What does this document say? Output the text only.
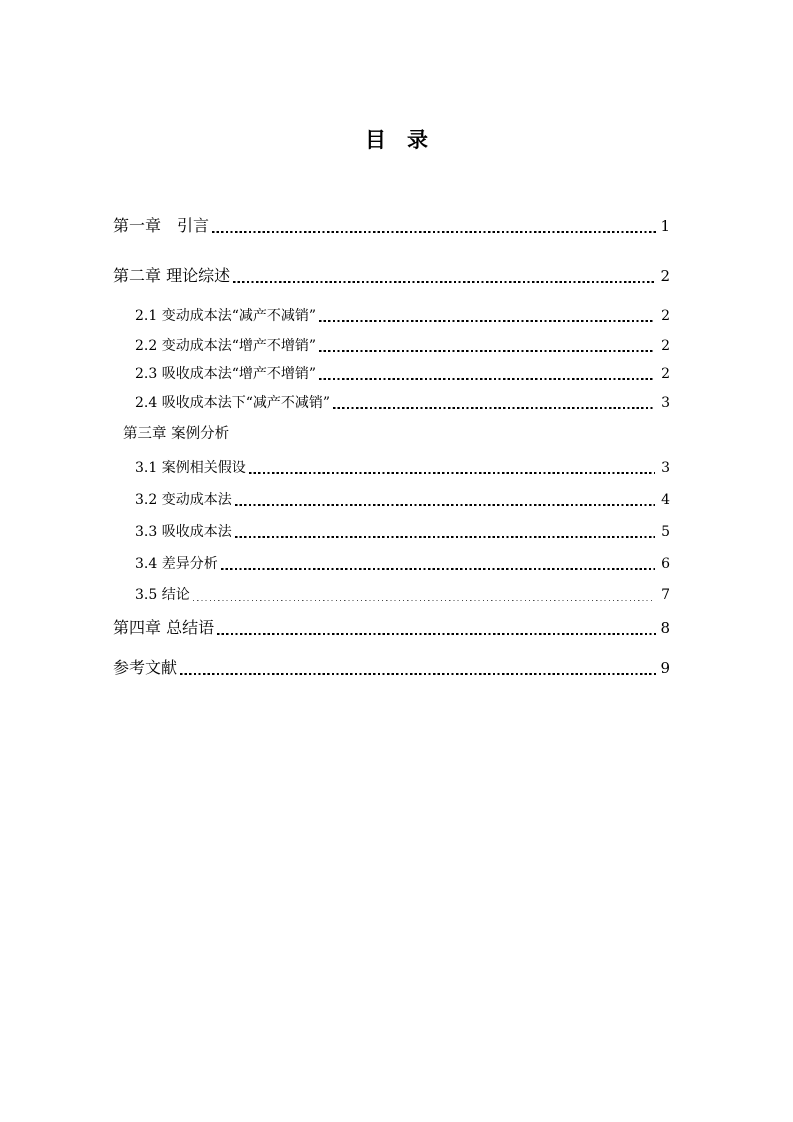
目　录
第一章　引言	1
第二章 理论综述	2
2.1 变动成本法“减产不减销”	2
2.2 变动成本法“增产不增销”	2
2.3 吸收成本法“增产不增销”	2
2.4 吸收成本法下“减产不减销”	3
第三章 案例分析
3.1 案例相关假设	3
3.2 变动成本法	4
3.3 吸收成本法	5
3.4 差异分析	6
3.5 结论	7
第四章 总结语	8
参考文献	9
